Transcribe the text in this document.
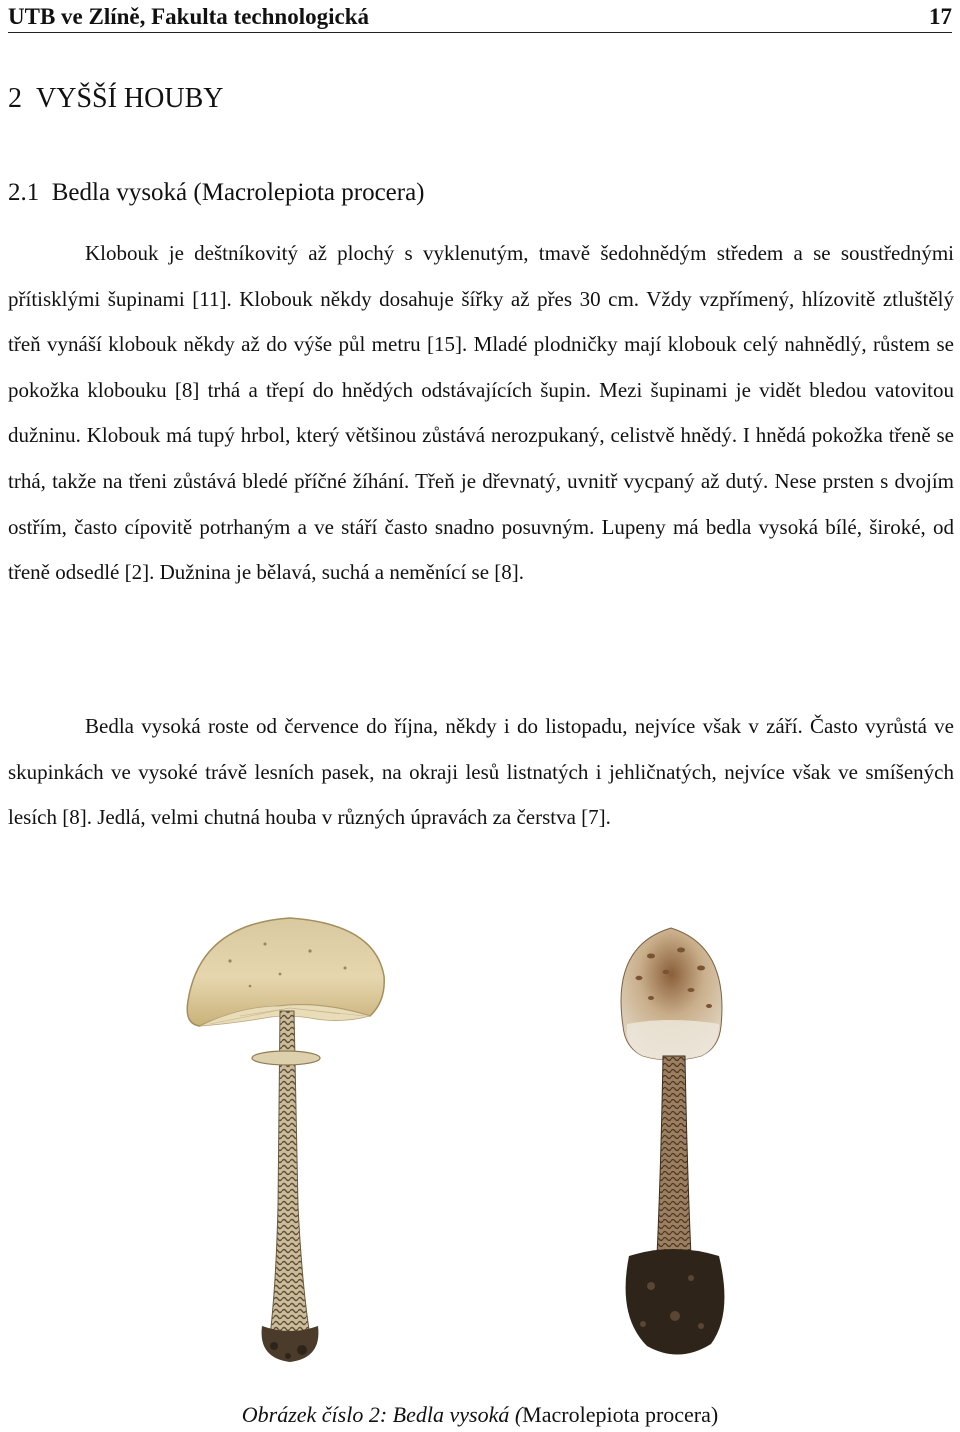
UTB ve Zlíně, Fakulta technologická	17
2 VYŠŠÍ HOUBY
2.1 Bedla vysoká (Macrolepiota procera)

Klobouk je deštníkovitý až plochý s vyklenutým, tmavě šedohnědým středem a se soustřednými přítisklými šupinami [11]. Klobouk někdy dosahuje šířky až přes 30 cm. Vždy vzpřímený, hlízovitě ztluštělý třeň vynáší klobouk někdy až do výše půl metru [15]. Mladé plodničky mají klobouk celý nahnědlý, růstem se pokožka klobouku [8] trhá a třepí do hnědých odstávajících šupin. Mezi šupinami je vidět bledou vatovitou dužninu. Klobouk má tupý hrbol, který většinou zůstává nerozpukaný, celistvě hnědý. I hnědá pokožka třeně se trhá, takže na třeni zůstává bledé příčné žíhání. Třeň je dřevnatý, uvnitř vycpaný až dutý. Nese prsten s dvojím ostřím, často cípovitě potrhaným a ve stáří často snadno posuvným. Lupeny má bedla vysoká bílé, široké, od třeně odsedlé [2]. Dužnina je bělavá, suchá a neměnící se [8].

Bedla vysoká roste od července do října, někdy i do listopadu, nejvíce však v září. Často vyrůstá ve skupinkách ve vysoké trávě lesních pasek, na okraji lesů listnatých i jehličnatých, nejvíce však ve smíšených lesích [8]. Jedlá, velmi chutná houba v různých úpravách za čerstva [7].

Obrázek číslo 2: Bedla vysoká (Macrolepiota procera)
